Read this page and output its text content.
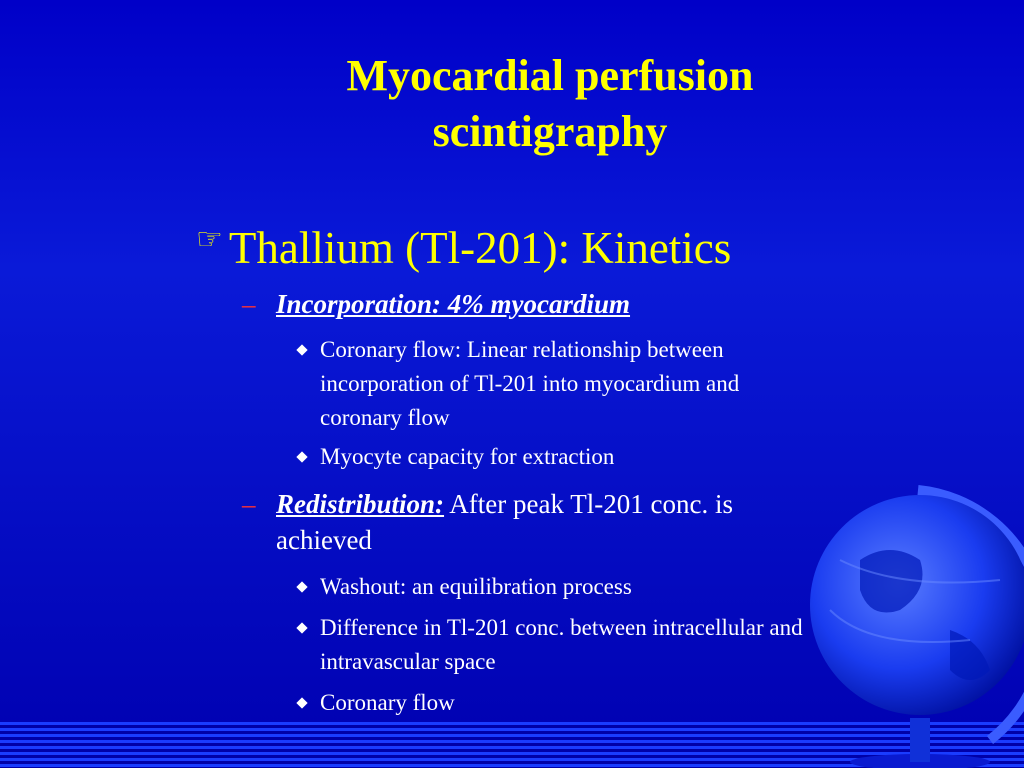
Myocardial perfusion
scintigraphy
☞ Thallium (Tl-201): Kinetics
– Incorporation: 4% myocardium
Coronary flow: Linear relationship between
incorporation of Tl-201 into myocardium and
coronary flow
Myocyte capacity for extraction
– Redistribution: After peak Tl-201 conc. is
achieved
Washout: an equilibration process
Difference in Tl-201 conc. between intracellular and
intravascular space
Coronary flow
